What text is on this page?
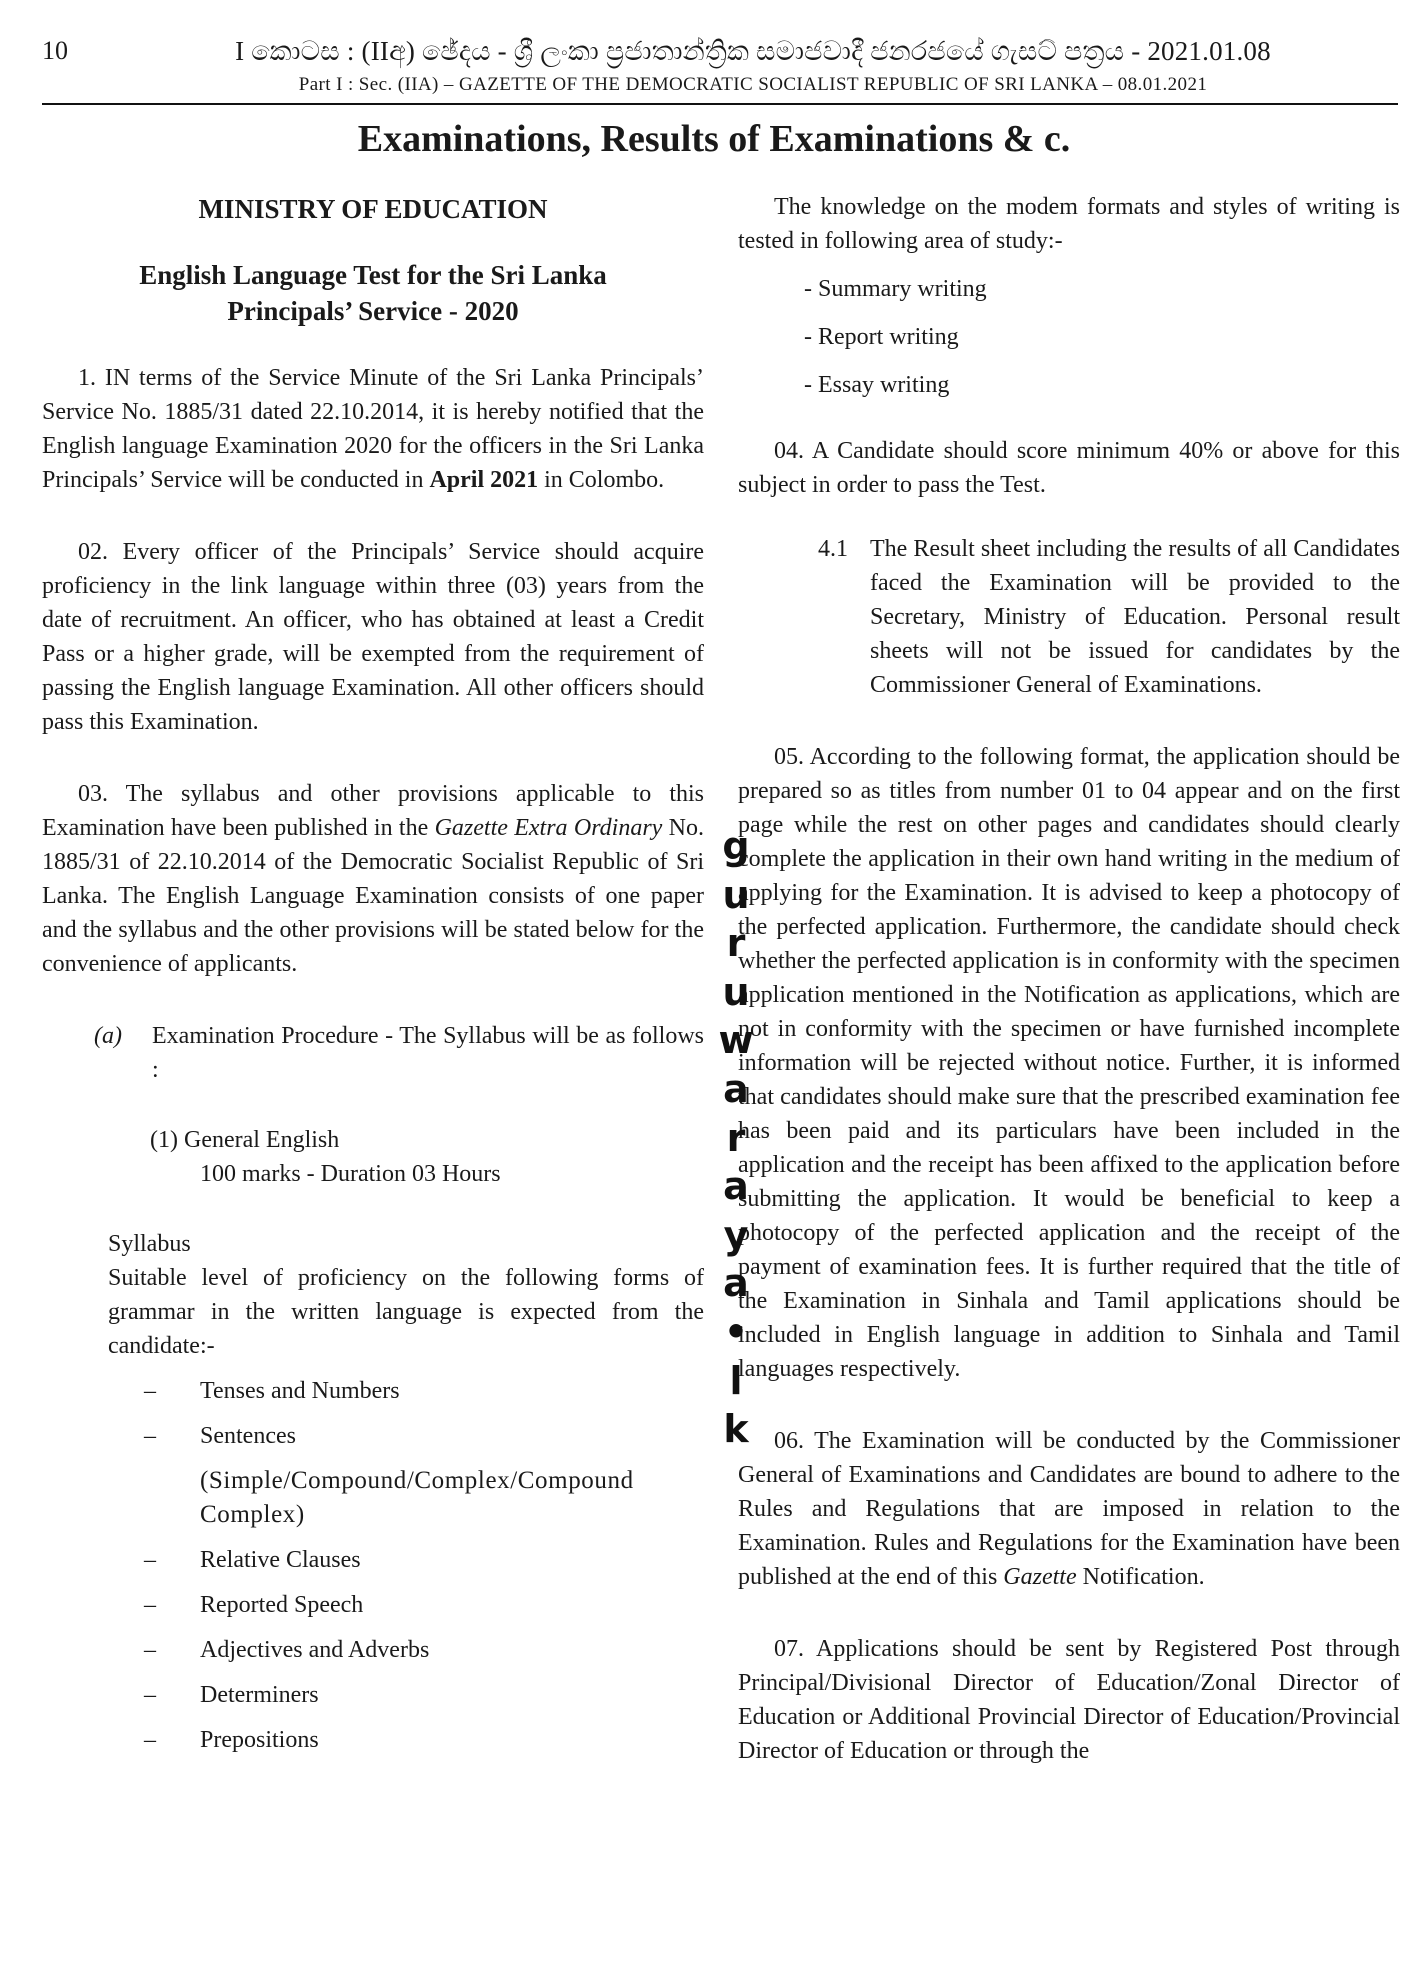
10	I කොටස : (IIඅ) ඡේදය - ශ්‍රී ලංකා ප්‍රජාතාන්ත්‍රික සමාජවාදී ජනරජයේ ගැසට් පත්‍රය - 2021.01.08
Part I : Sec. (IIA) – GAZETTE OF THE DEMOCRATIC SOCIALIST REPUBLIC OF SRI LANKA – 08.01.2021
Examinations, Results of Examinations & c.

MINISTRY OF EDUCATION

English Language Test for the Sri Lanka
Principals’ Service - 2020

1. IN terms of the Service Minute of the Sri Lanka Principals’ Service No. 1885/31 dated 22.10.2014, it is hereby notified that the English language Examination 2020 for the officers in the Sri Lanka Principals’ Service will be conducted in April 2021 in Colombo.

02. Every officer of the Principals’ Service should acquire proficiency in the link language within three (03) years from the date of recruitment. An officer, who has obtained at least a Credit Pass or a higher grade, will be exempted from the requirement of passing the English language Examination. All other officers should pass this Examination.

03. The syllabus and other provisions applicable to this Examination have been published in the Gazette Extra Ordinary No. 1885/31 of 22.10.2014 of the Democratic Socialist Republic of Sri Lanka. The English Language Examination consists of one paper and the syllabus and the other provisions will be stated below for the convenience of applicants.

(a)	Examination Procedure - The Syllabus will be as follows :
(1) General English
100 marks - Duration 03 Hours
Syllabus
Suitable level of proficiency on the following forms of grammar in the written language is expected from the candidate:-
–	Tenses and Numbers
–	Sentences
(Simple/Compound/Complex/Compound Complex)
–	Relative Clauses
–	Reported Speech
–	Adjectives and Adverbs
–	Determiners
–	Prepositions

The knowledge on the modem formats and styles of writing is tested in following area of study:-

- Summary writing
- Report writing
- Essay writing

04. A Candidate should score minimum 40% or above for this subject in order to pass the Test.

4.1 The Result sheet including the results of all Candidates faced the Examination will be provided to the Secretary, Ministry of Education. Personal result sheets will not be issued for candidates by the Commissioner General of Examinations.

05. According to the following format, the application should be prepared so as titles from number 01 to 04 appear and on the first page while the rest on other pages and candidates should clearly complete the application in their own hand writing in the medium of applying for the Examination. It is advised to keep a photocopy of the perfected application. Furthermore, the candidate should check whether the perfected application is in conformity with the specimen application mentioned in the Notification as applications, which are not in conformity with the specimen or have furnished incomplete information will be rejected without notice. Further, it is informed that candidates should make sure that the prescribed examination fee has been paid and its particulars have been included in the application and the receipt has been affixed to the application before submitting the application. It would be beneficial to keep a photocopy of the perfected application and the receipt of the payment of examination fees. It is further required that the title of the Examination in Sinhala and Tamil applications should be included in English language in addition to Sinhala and Tamil languages respectively.

06. The Examination will be conducted by the Commissioner General of Examinations and Candidates are bound to adhere to the Rules and Regulations that are imposed in relation to the Examination. Rules and Regulations for the Examination have been published at the end of this Gazette Notification.

07. Applications should be sent by Registered Post through Principal/Divisional Director of Education/Zonal Director of Education or Additional Provincial Director of Education/Provincial Director of Education or through the

g
u
r
u
w
a
r
a
y
a
•
l
k
